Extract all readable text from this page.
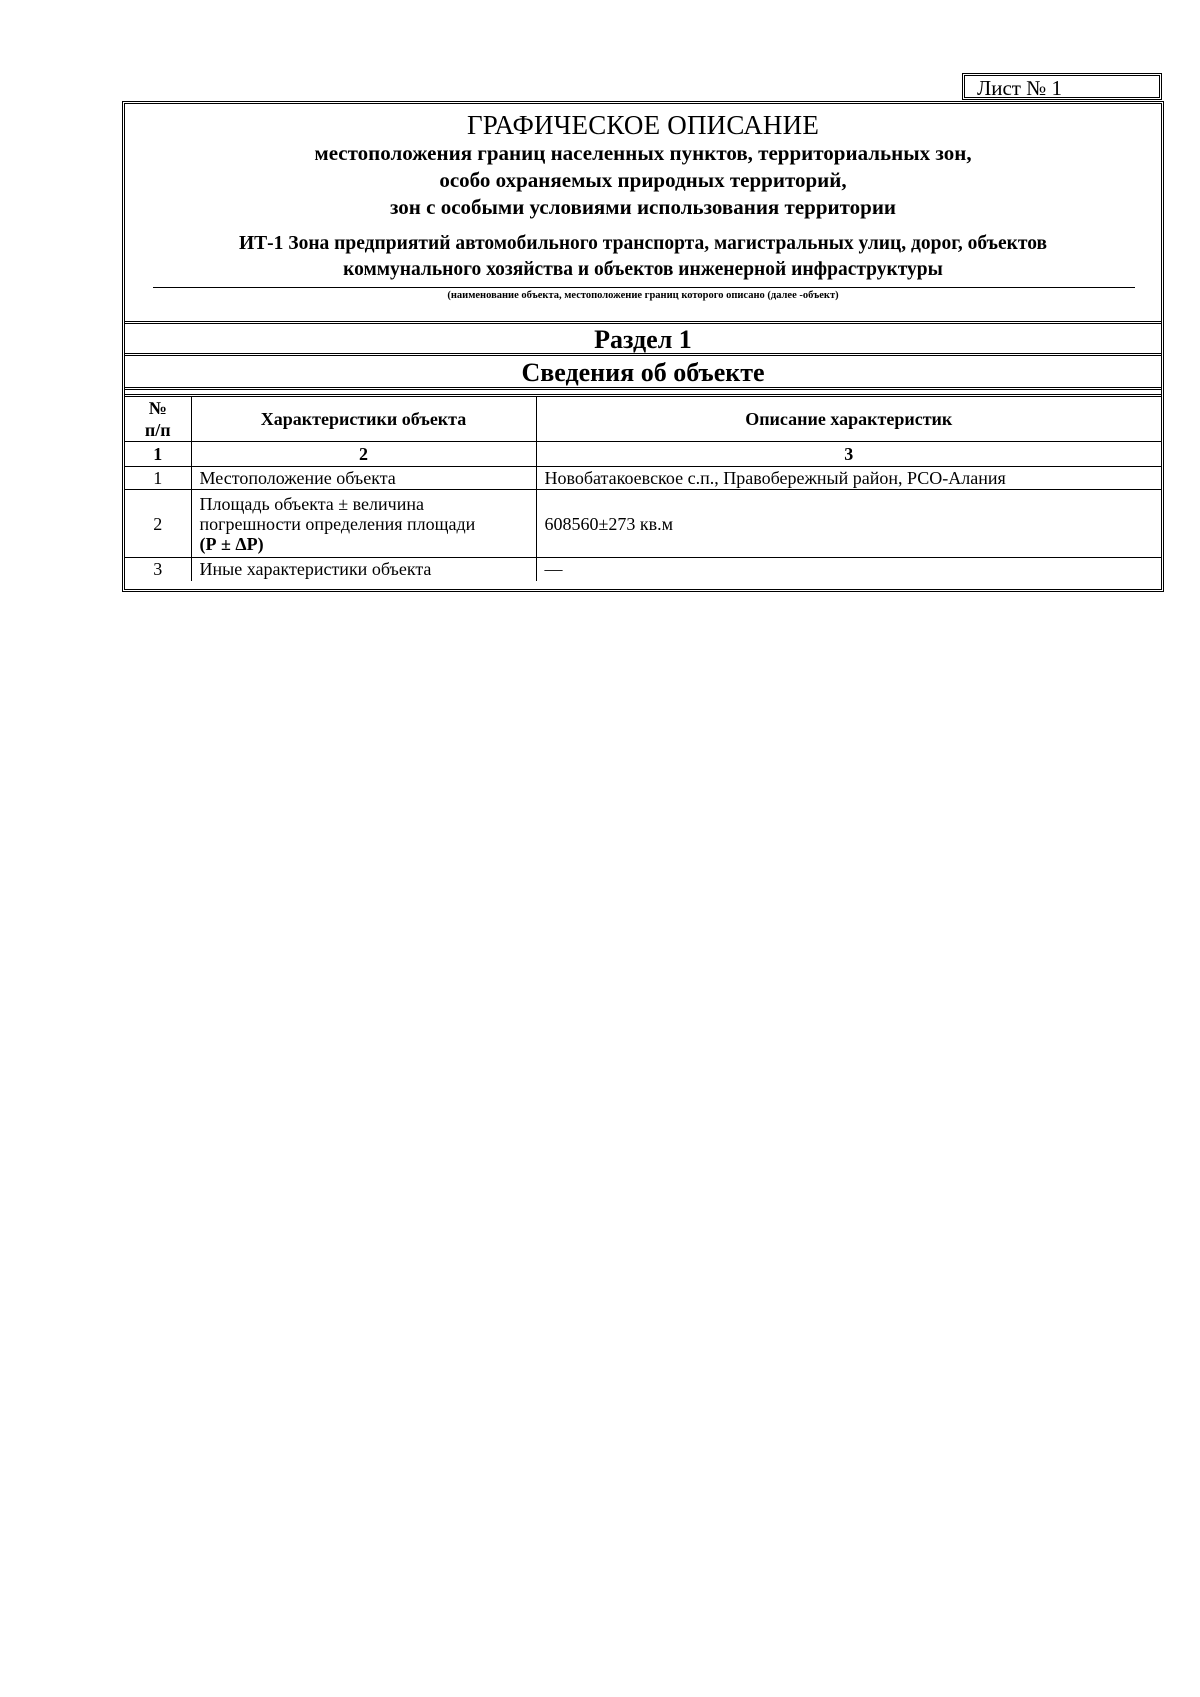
Лист № 1
ГРАФИЧЕСКОЕ ОПИСАНИЕ
местоположения границ населенных пунктов, территориальных зон,
особо охраняемых природных территорий,
зон с особыми условиями использования территории
ИТ-1 Зона предприятий автомобильного транспорта, магистральных улиц, дорог, объектов
коммунального хозяйства и объектов инженерной инфраструктуры
(наименование объекта, местоположение границ которого описано (далее -объект)
Раздел 1
Сведения об объекте
№
п/п	Характеристики объекта	Описание характеристик
1	2	3
1	Местоположение объекта	Новобатакоевское с.п., Правобережный район, РСО-Алания
2	Площадь объекта ± величина
погрешности определения площади
(Р ± ΔР)	608560±273 кв.м
3	Иные характеристики объекта	—
